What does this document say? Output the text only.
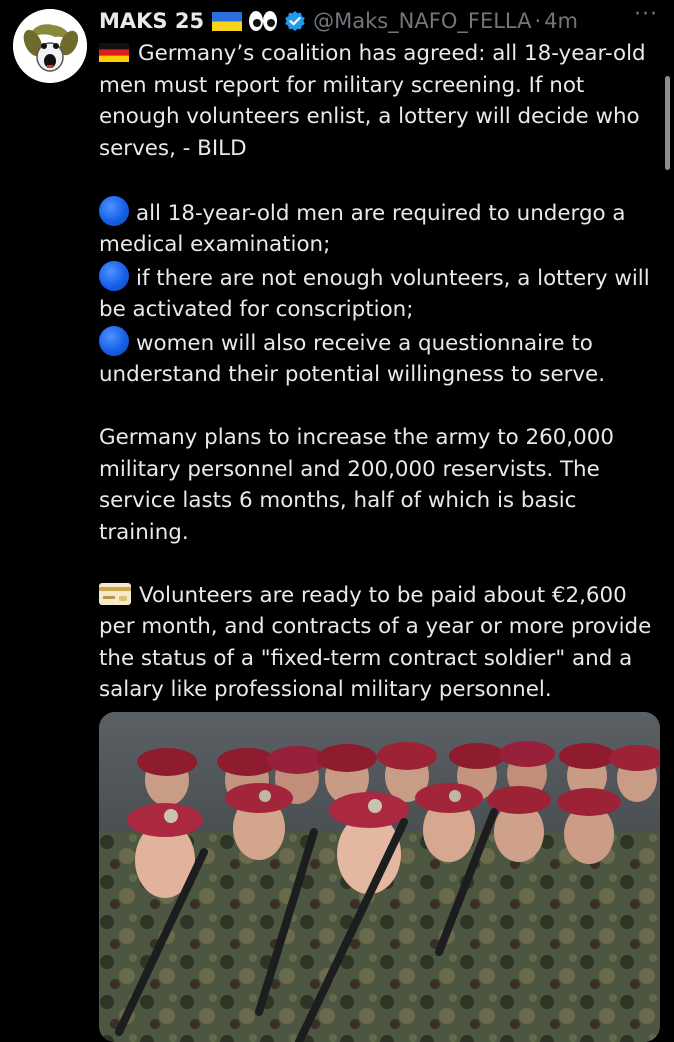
MAKS 25	@Maks_NAFO_FELLA · 4m	···

Germany’s coalition has agreed: all 18-year-old men must report for military screening. If not enough volunteers enlist, a lottery will decide who serves, - BILD

all 18-year-old men are required to undergo a medical examination;

if there are not enough volunteers, a lottery will be activated for conscription;

women will also receive a questionnaire to understand their potential willingness to serve.

Germany plans to increase the army to 260,000 military personnel and 200,000 reservists. The service lasts 6 months, half of which is basic training.

Volunteers are ready to be paid about €2,600 per month, and contracts of a year or more provide the status of a "fixed-term contract soldier" and a salary like professional military personnel.
